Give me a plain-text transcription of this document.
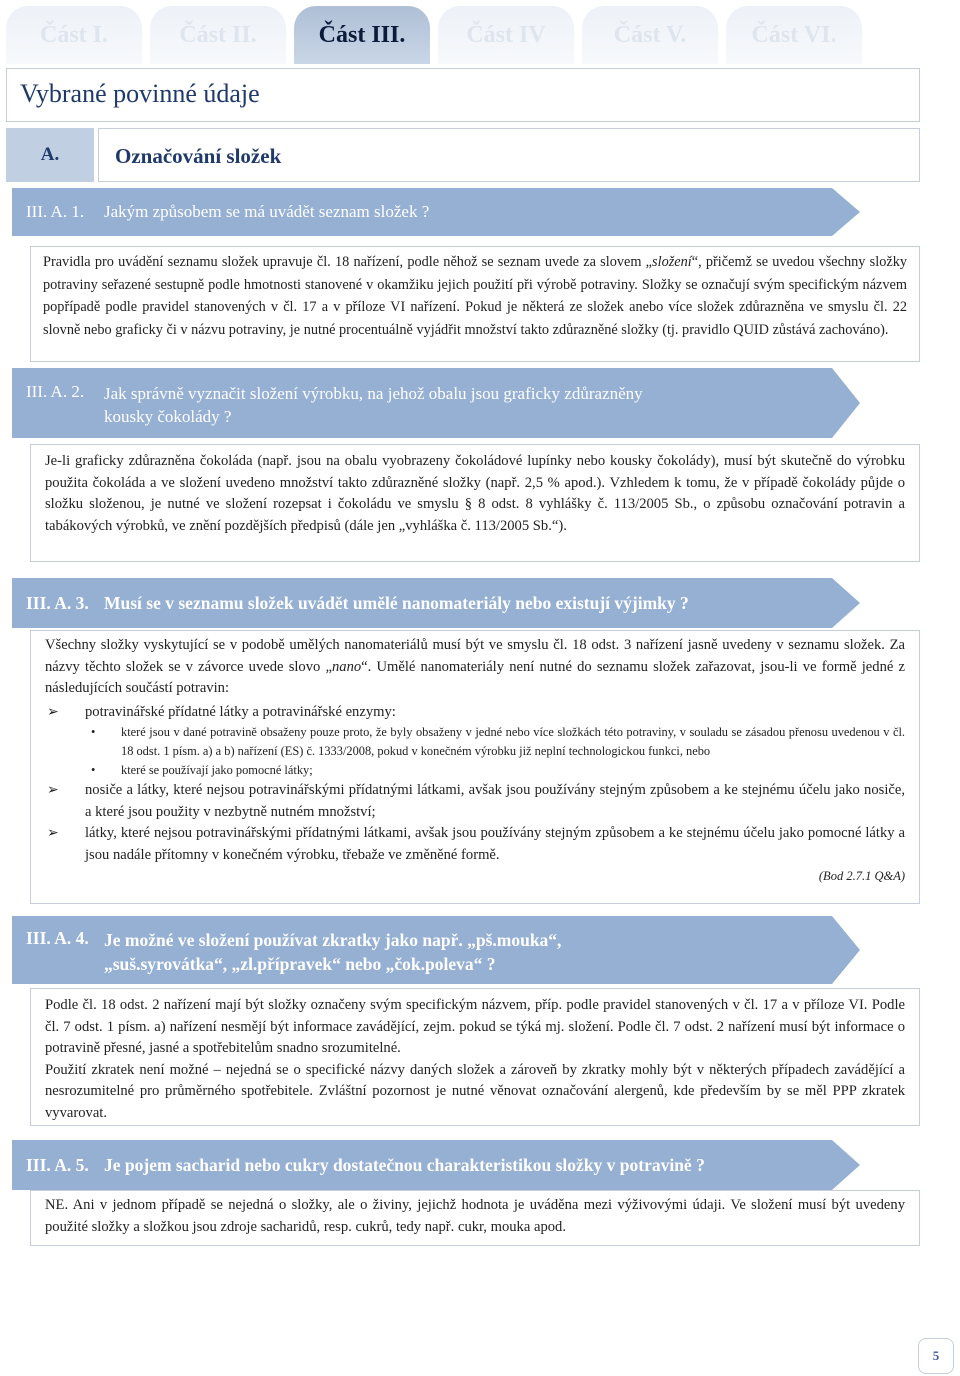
Část I.	Část II.	Část III.	Část IV	Část V.	Část VI.
Vybrané povinné údaje
A.	Označování složek
III. A. 1.	Jakým způsobem se má uvádět seznam složek ?

Pravidla pro uvádění seznamu složek upravuje čl. 18 nařízení, podle něhož se seznam uvede za slovem „složení“, přičemž se uvedou všechny složky potraviny seřazené sestupně podle hmotnosti stanovené v okamžiku jejich použití při výrobě potraviny. Složky se označují svým specifickým názvem popřípadě podle pravidel stanovených v čl. 17 a v příloze VI nařízení. Pokud je některá ze složek anebo více složek zdůrazněna ve smyslu čl. 22 slovně nebo graficky či v názvu potraviny, je nutné procentuálně vyjádřit množství takto zdůrazněné složky (tj. pravidlo QUID zůstává zachováno).

III. A. 2.	Jak správně vyznačit složení výrobku, na jehož obalu jsou graficky zdůrazněny
kousky čokolády ?

Je-li graficky zdůrazněna čokoláda (např. jsou na obalu vyobrazeny čokoládové lupínky nebo kousky čokolády), musí být skutečně do výrobku použita čokoláda a ve složení uvedeno množství takto zdůrazněné složky (např. 2,5 % apod.). Vzhledem k tomu, že v případě čokolády půjde o složku složenou, je nutné ve složení rozepsat i čokoládu ve smyslu § 8 odst. 8 vyhlášky č. 113/2005 Sb., o způsobu označování potravin a tabákových výrobků, ve znění pozdějších předpisů (dále jen „vyhláška č. 113/2005 Sb.“).

III. A. 3. Musí se v seznamu složek uvádět umělé nanomateriály nebo existují výjimky ?

Všechny složky vyskytující se v podobě umělých nanomateriálů musí být ve smyslu čl. 18 odst. 3 nařízení jasně uvedeny v seznamu složek. Za názvy těchto složek se v závorce uvede slovo „nano“. Umělé nanomateriály není nutné do seznamu složek zařazovat, jsou-li ve formě jedné z následujících součástí potravin:

➢ potravinářské přídatné látky a potravinářské enzymy:
• které jsou v dané potravině obsaženy pouze proto, že byly obsaženy v jedné nebo více složkách této potraviny, v souladu se zásadou přenosu uvedenou v čl. 18 odst. 1 písm. a) a b) nařízení (ES) č. 1333/2008, pokud v konečném výrobku již neplní technologickou funkci, nebo
• které se používají jako pomocné látky;
➢ nosiče a látky, které nejsou potravinářskými přídatnými látkami, avšak jsou používány stejným způsobem a ke stejnému účelu jako nosiče, a které jsou použity v nezbytně nutném množství;
➢ látky, které nejsou potravinářskými přídatnými látkami, avšak jsou používány stejným způsobem a ke stejnému účelu jako pomocné látky a jsou nadále přítomny v konečném výrobku, třebaže ve změněné formě.
(Bod 2.7.1 Q&A)
III. A. 4. Je možné ve složení používat zkratky jako např. „pš.mouka“,
„suš.syrovátka“, „zl.přípravek“ nebo „čok.poleva“ ?

Podle čl. 18 odst. 2 nařízení mají být složky označeny svým specifickým názvem, příp. podle pravidel stanovených v čl. 17 a v příloze VI. Podle čl. 7 odst. 1 písm. a) nařízení nesmějí být informace zavádějící, zejm. pokud se týká mj. složení. Podle čl. 7 odst. 2 nařízení musí být informace o potravině přesné, jasné a spotřebitelům snadno srozumitelné.

Použití zkratek není možné – nejedná se o specifické názvy daných složek a zároveň by zkratky mohly být v některých případech zavádějící a nesrozumitelné pro průměrného spotřebitele. Zvláštní pozornost je nutné věnovat označování alergenů, kde především by se měl PPP zkratek vyvarovat.

III. A. 5. Je pojem sacharid nebo cukry dostatečnou charakteristikou složky v potravině ?

NE. Ani v jednom případě se nejedná o složky, ale o živiny, jejichž hodnota je uváděna mezi výživovými údaji. Ve složení musí být uvedeny použité složky a složkou jsou zdroje sacharidů, resp. cukrů, tedy např. cukr, mouka apod.

5
